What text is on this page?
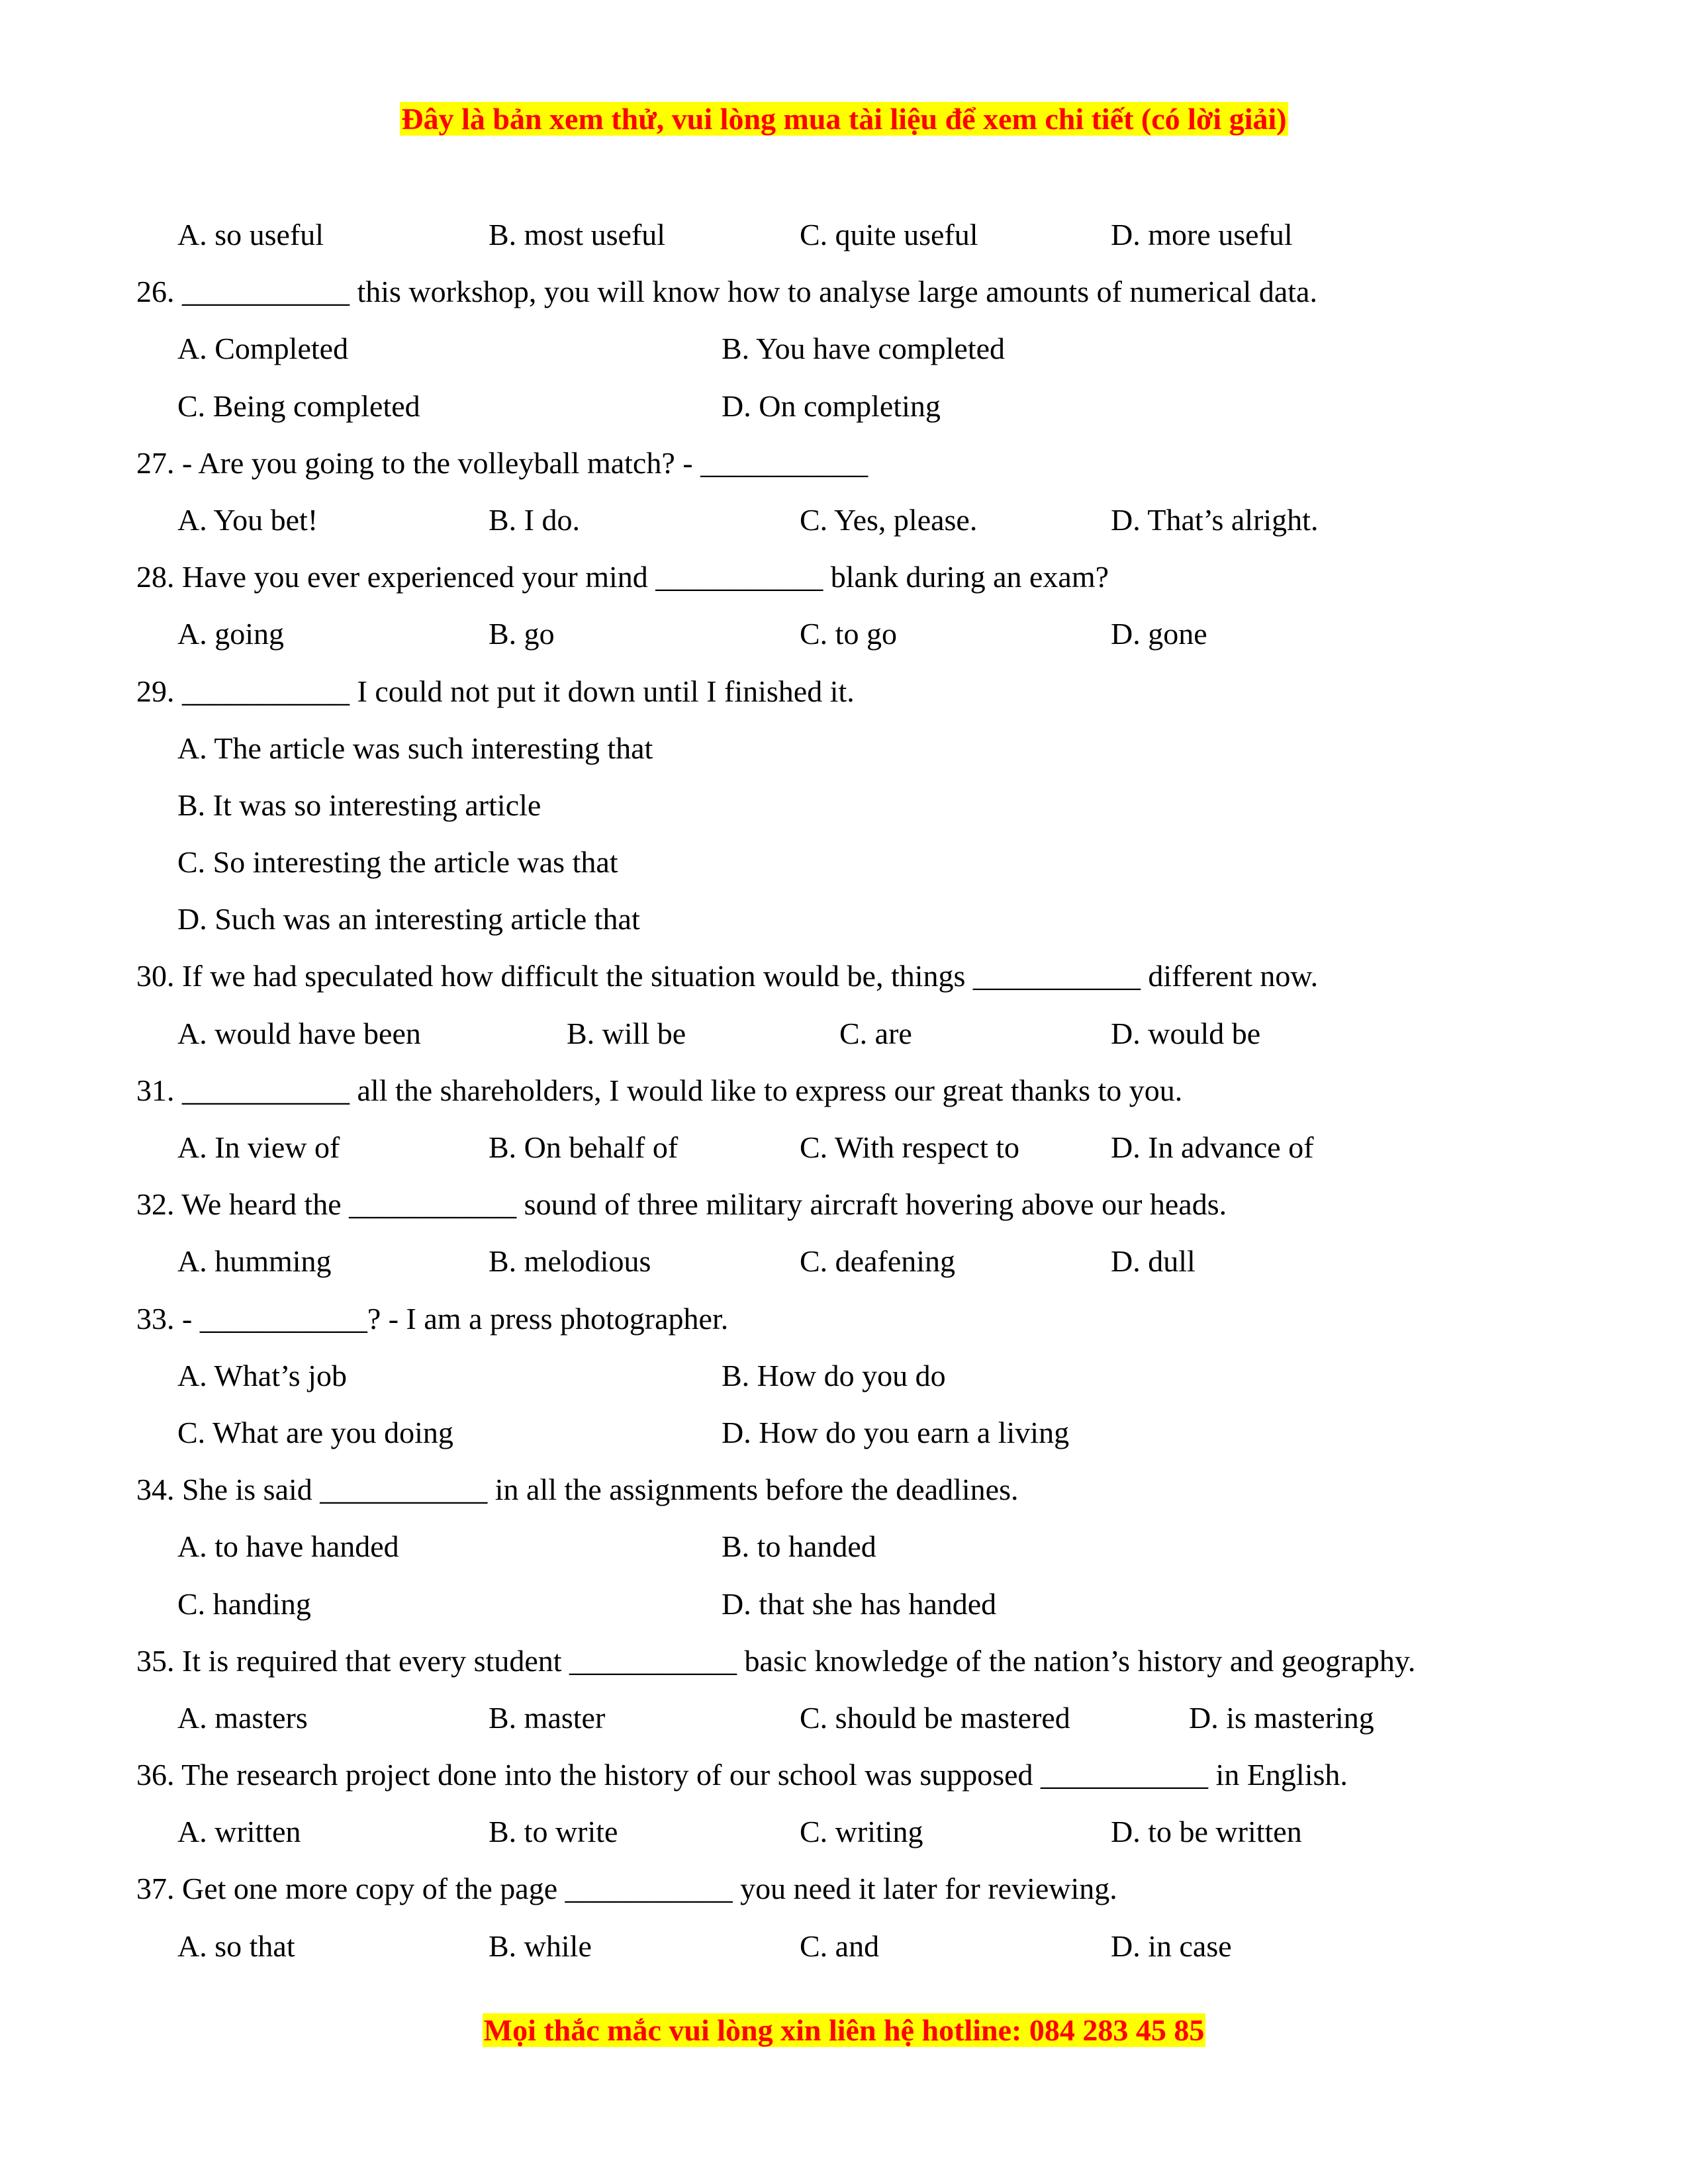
Đây là bản xem thử, vui lòng mua tài liệu để xem chi tiết (có lời giải)
A. so useful	B. most useful	C. quite useful	D. more useful
26. ___________ this workshop, you will know how to analyse large amounts of numerical data.
A. Completed	B. You have completed
C. Being completed	D. On completing
27. - Are you going to the volleyball match? - ___________
A. You bet!	B. I do.	C. Yes, please.	D. That’s alright.
28. Have you ever experienced your mind ___________ blank during an exam?
A. going	B. go	C. to go	D. gone
29. ___________ I could not put it down until I finished it.
A. The article was such interesting that
B. It was so interesting article
C. So interesting the article was that
D. Such was an interesting article that
30. If we had speculated how difficult the situation would be, things ___________ different now.
A. would have been	B. will be	C. are	D. would be
31. ___________ all the shareholders, I would like to express our great thanks to you.
A. In view of	B. On behalf of	C. With respect to	D. In advance of
32. We heard the ___________ sound of three military aircraft hovering above our heads.
A. humming	B. melodious	C. deafening	D. dull
33. - ___________? - I am a press photographer.
A. What’s job	B. How do you do
C. What are you doing	D. How do you earn a living
34. She is said ___________ in all the assignments before the deadlines.
A. to have handed	B. to handed
C. handing	D. that she has handed
35. It is required that every student ___________ basic knowledge of the nation’s history and geography.
A. masters	B. master	C. should be mastered	D. is mastering
36. The research project done into the history of our school was supposed ___________ in English.
A. written	B. to write	C. writing	D. to be written
37. Get one more copy of the page ___________ you need it later for reviewing.
A. so that	B. while	C. and	D. in case
Mọi thắc mắc vui lòng xin liên hệ hotline: 084 283 45 85
